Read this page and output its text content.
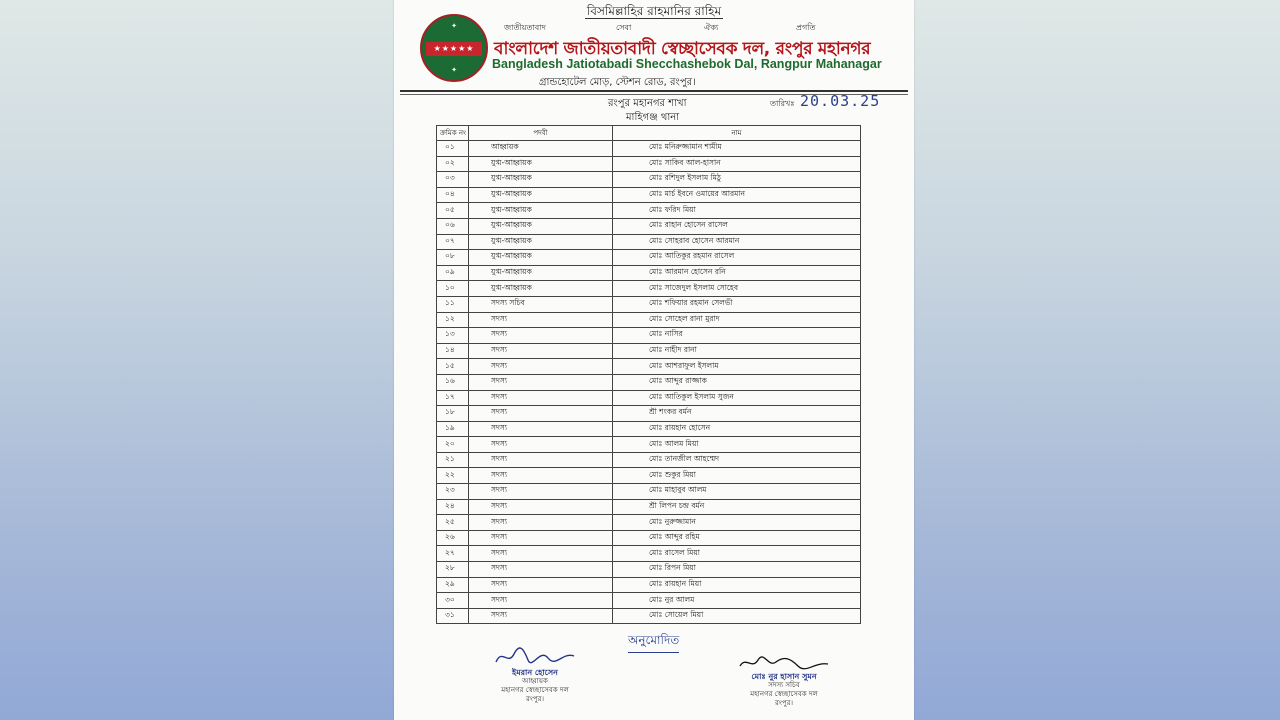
বিসমিল্লাহির রাহমানির রাহিম
✦
★★★★★
✦
জাতীয়তাবাদ	সেবা	ঐক্য	প্রগতি
বাংলাদেশ জাতীয়তাবাদী স্বেচ্ছাসেবক দল, রংপুর মহানগর
Bangladesh Jatiotabadi Shecchashebok Dal, Rangpur Mahanagar
গ্রান্ডহোটেল মোড়, স্টেশন রোড, রংপুর।
রংপুর মহানগর শাখা
মাহিগঞ্জ থানা
তারিখঃ 20.03.25
ক্রমিক নং	পদবী	নাম
০১	আহ্বায়ক	মোঃ মনিরুজ্জামান শামীম
০২	যুগ্ম-আহ্বায়ক	মোঃ সাকিব আল-হাসান
০৩	যুগ্ম-আহ্বায়ক	মোঃ রশিদুল ইসলাম মিঠু
০৪	যুগ্ম-আহ্বায়ক	মোঃ মার্চ ইবনে ওমায়ের আরমান
০৫	যুগ্ম-আহ্বায়ক	মোঃ ফরিদ মিয়া
০৬	যুগ্ম-আহ্বায়ক	মোঃ রাহান হোসেন রাসেল
০৭	যুগ্ম-আহ্বায়ক	মোঃ সোহরাব হোসেন আরমান
০৮	যুগ্ম-আহ্বায়ক	মোঃ আতিকুর রহমান রাসেল
০৯	যুগ্ম-আহ্বায়ক	মোঃ আরমান হোসেন রনি
১০	যুগ্ম-আহ্বায়ক	মোঃ সাজেদুল ইসলাম সোহেব
১১	সদস্য সচিব	মোঃ শফিয়ার রহমান সেলভী
১২	সদস্য	মোঃ সোহেল রানা মুরাদ
১৩	সদস্য	মোঃ নাসির
১৪	সদস্য	মোঃ নাহীদ রানা
১৫	সদস্য	মোঃ আশরাফুল ইসলাম
১৬	সদস্য	মোঃ আব্দুর রাজ্জাক
১৭	সদস্য	মোঃ আতিকুল ইসলাম সুজন
১৮	সদস্য	শ্রী শংকর বর্মন
১৯	সদস্য	মোঃ রায়হান হোসেন
২০	সদস্য	মোঃ আলম মিয়া
২১	সদস্য	মোঃ তানজীল আহম্মেদ
২২	সদস্য	মোঃ শুকুর মিয়া
২৩	সদস্য	মোঃ মাহাবুব আলম
২৪	সদস্য	শ্রী লিপন চন্দ্র বর্মন
২৫	সদস্য	মোঃ নুরুজ্জামান
২৬	সদস্য	মোঃ আব্দুর রহিম
২৭	সদস্য	মোঃ রাসেল মিয়া
২৮	সদস্য	মোঃ রিপন মিয়া
২৯	সদস্য	মোঃ রায়হান মিয়া
৩০	সদস্য	মোঃ নুর আলম
৩১	সদস্য	মোঃ সোয়েল মিয়া
অনুমোদিত
ইমরান হোসেন
আহ্বায়ক
মহানগর স্বেচ্ছাসেবক দল
রংপুর।
মোঃ নুর হাসান সুমন
সদস্য সচিব
মহানগর স্বেচ্ছাসেবক দল
রংপুর।
